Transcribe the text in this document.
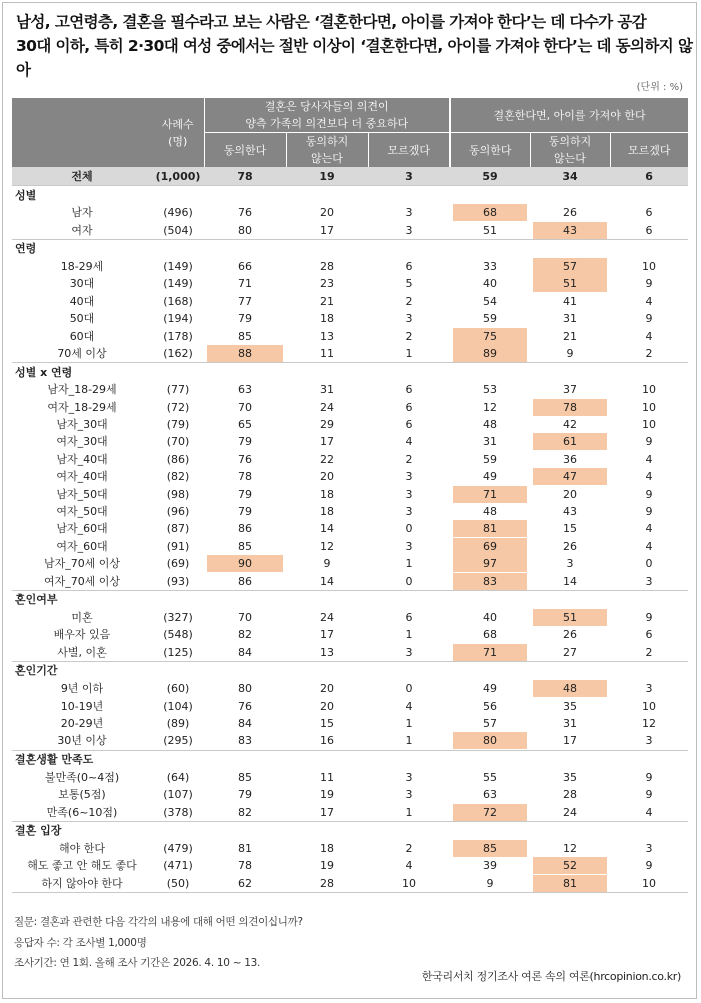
남성, 고연령층, 결혼을 필수라고 보는 사람은 ‘결혼한다면, 아이를 가져야 한다’는 데 다수가 공감
30대 이하, 특히 2·30대 여성 중에서는 절반 이상이 ‘결혼한다면, 아이를 가져야 한다’는 데 동의하지 않아
(단위 : %)
	사례수
(명)	결혼은 당사자들의 의견이
양측 가족의 의견보다 더 중요하다			결혼한다면, 아이를 가져야 한다		
		동의한다	동의하지
않는다	모르겠다	동의한다	동의하지
않는다	모르겠다
전체	(1,000)	78	19	3	59	34	6
성별							
남자	(496)	76	20	3	68	26	6

여자	(504)	80	17	3	51	43	6

연령							
18-29세	(149)	66	28	6	33	57	10

30대	(149)	71	23	5	40	51	9

40대	(168)	77	21	2	54	41	4

50대	(194)	79	18	3	59	31	9

60대	(178)	85	13	2	75	21	4

70세 이상	(162)	88	11	1	89	9	2

성별 x 연령							
남자_18-29세	(77)	63	31	6	53	37	10

여자_18-29세	(72)	70	24	6	12	78	10

남자_30대	(79)	65	29	6	48	42	10

여자_30대	(70)	79	17	4	31	61	9

남자_40대	(86)	76	22	2	59	36	4

여자_40대	(82)	78	20	3	49	47	4

남자_50대	(98)	79	18	3	71	20	9

여자_50대	(96)	79	18	3	48	43	9

남자_60대	(87)	86	14	0	81	15	4

여자_60대	(91)	85	12	3	69	26	4

남자_70세 이상	(69)	90	9	1	97	3	0

여자_70세 이상	(93)	86	14	0	83	14	3

혼인여부							
미혼	(327)	70	24	6	40	51	9

배우자 있음	(548)	82	17	1	68	26	6

사별, 이혼	(125)	84	13	3	71	27	2

혼인기간							
9년 이하	(60)	80	20	0	49	48	3

10-19년	(104)	76	20	4	56	35	10

20-29년	(89)	84	15	1	57	31	12

30년 이상	(295)	83	16	1	80	17	3

결혼생활 만족도							
불만족(0~4점)	(64)	85	11	3	55	35	9

보통(5점)	(107)	79	19	3	63	28	9

만족(6~10점)	(378)	82	17	1	72	24	4

결혼 입장							
해야 한다	(479)	81	18	2	85	12	3

해도 좋고 안 해도 좋다	(471)	78	19	4	39	52	9

하지 않아야 한다	(50)	62	28	10	9	81	10

질문: 결혼과 관련한 다음 각각의 내용에 대해 어떤 의견이십니까?
응답자 수: 각 조사별 1,000명
조사기간: 연 1회. 올해 조사 기간은 2026. 4. 10 ~ 13.
한국리서치 정기조사 여론 속의 여론(hrcopinion.co.kr)
